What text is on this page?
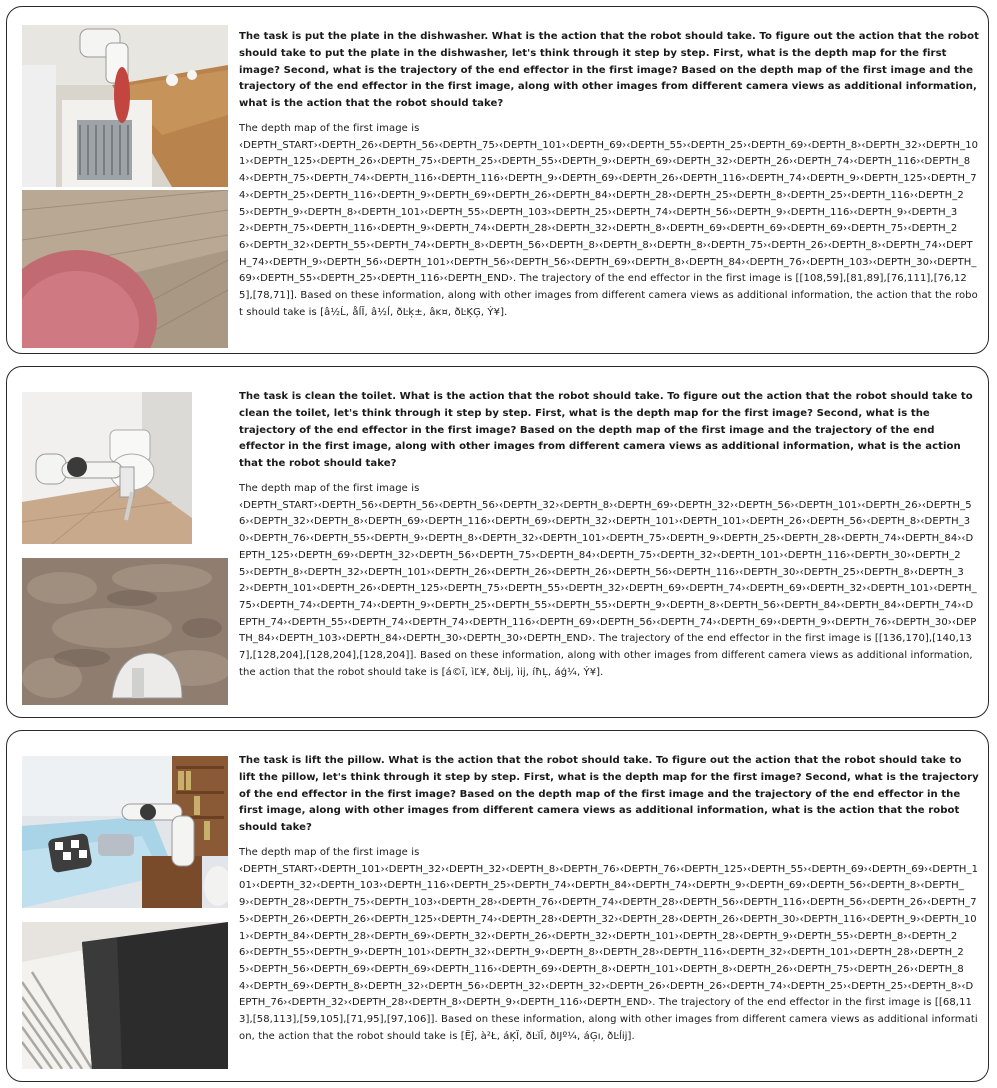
The task is put the plate in the dishwasher. What is the action that the robot should take. To figure out the action that the robot should take to put the plate in the dishwasher, let's think through it step by step. First, what is the depth map for the first image? Second, what is the trajectory of the end effector in the first image? Based on the depth map of the first image and the trajectory of the end effector in the first image, along with other images from different camera views as additional information, what is the action that the robot should take?

The depth map of the first image is
‹DEPTH_START›‹DEPTH_26›‹DEPTH_56›‹DEPTH_75›‹DEPTH_101›‹DEPTH_69›‹DEPTH_55›‹DEPTH_25›‹DEPTH_69›‹DEPTH_8›‹DEPTH_32›‹DEPTH_101›‹DEPTH_125›‹DEPTH_26›‹DEPTH_75›‹DEPTH_25›‹DEPTH_55›‹DEPTH_9›‹DEPTH_69›‹DEPTH_32›‹DEPTH_26›‹DEPTH_74›‹DEPTH_116›‹DEPTH_84›‹DEPTH_75›‹DEPTH_74›‹DEPTH_116›‹DEPTH_116›‹DEPTH_9›‹DEPTH_69›‹DEPTH_26›‹DEPTH_116›‹DEPTH_74›‹DEPTH_9›‹DEPTH_125›‹DEPTH_74›‹DEPTH_25›‹DEPTH_116›‹DEPTH_9›‹DEPTH_69›‹DEPTH_26›‹DEPTH_84›‹DEPTH_28›‹DEPTH_25›‹DEPTH_8›‹DEPTH_25›‹DEPTH_116›‹DEPTH_25›‹DEPTH_9›‹DEPTH_8›‹DEPTH_101›‹DEPTH_55›‹DEPTH_103›‹DEPTH_25›‹DEPTH_74›‹DEPTH_56›‹DEPTH_9›‹DEPTH_116›‹DEPTH_9›‹DEPTH_32›‹DEPTH_75›‹DEPTH_116›‹DEPTH_9›‹DEPTH_74›‹DEPTH_28›‹DEPTH_32›‹DEPTH_8›‹DEPTH_69›‹DEPTH_69›‹DEPTH_69›‹DEPTH_75›‹DEPTH_26›‹DEPTH_32›‹DEPTH_55›‹DEPTH_74›‹DEPTH_8›‹DEPTH_56›‹DEPTH_8›‹DEPTH_8›‹DEPTH_8›‹DEPTH_75›‹DEPTH_26›‹DEPTH_8›‹DEPTH_74›‹DEPTH_74›‹DEPTH_9›‹DEPTH_56›‹DEPTH_101›‹DEPTH_56›‹DEPTH_56›‹DEPTH_69›‹DEPTH_8›‹DEPTH_84›‹DEPTH_76›‹DEPTH_103›‹DEPTH_30›‹DEPTH_69›‹DEPTH_55›‹DEPTH_25›‹DEPTH_116›‹DEPTH_END›. The trajectory of the end effector in the first image is [[108,59],[81,89],[76,111],[76,125],[78,71]]. Based on these information, along with other images from different camera views as additional information, the action that the robot should take is [â½Ĺ, åĺĬ, â½ĺ, ðĿķ±, âĸ¤, ðĿĶĢ, Ý¥].

The task is clean the toilet. What is the action that the robot should take. To figure out the action that the robot should take to clean the toilet, let's think through it step by step. First, what is the depth map for the first image? Second, what is the trajectory of the end effector in the first image? Based on the depth map of the first image and the trajectory of the end effector in the first image, along with other images from different camera views as additional information, what is the action that the robot should take?

The depth map of the first image is
‹DEPTH_START›‹DEPTH_56›‹DEPTH_56›‹DEPTH_56›‹DEPTH_32›‹DEPTH_8›‹DEPTH_69›‹DEPTH_32›‹DEPTH_56›‹DEPTH_101›‹DEPTH_26›‹DEPTH_56›‹DEPTH_32›‹DEPTH_8›‹DEPTH_69›‹DEPTH_116›‹DEPTH_69›‹DEPTH_32›‹DEPTH_101›‹DEPTH_101›‹DEPTH_26›‹DEPTH_56›‹DEPTH_8›‹DEPTH_30›‹DEPTH_76›‹DEPTH_55›‹DEPTH_9›‹DEPTH_8›‹DEPTH_32›‹DEPTH_101›‹DEPTH_75›‹DEPTH_9›‹DEPTH_25›‹DEPTH_28›‹DEPTH_74›‹DEPTH_84›‹DEPTH_125›‹DEPTH_69›‹DEPTH_32›‹DEPTH_56›‹DEPTH_75›‹DEPTH_84›‹DEPTH_75›‹DEPTH_32›‹DEPTH_101›‹DEPTH_116›‹DEPTH_30›‹DEPTH_25›‹DEPTH_8›‹DEPTH_32›‹DEPTH_101›‹DEPTH_26›‹DEPTH_26›‹DEPTH_26›‹DEPTH_56›‹DEPTH_116›‹DEPTH_30›‹DEPTH_25›‹DEPTH_8›‹DEPTH_32›‹DEPTH_101›‹DEPTH_26›‹DEPTH_125›‹DEPTH_75›‹DEPTH_55›‹DEPTH_32›‹DEPTH_69›‹DEPTH_74›‹DEPTH_69›‹DEPTH_32›‹DEPTH_101›‹DEPTH_75›‹DEPTH_74›‹DEPTH_74›‹DEPTH_9›‹DEPTH_25›‹DEPTH_55›‹DEPTH_55›‹DEPTH_9›‹DEPTH_8›‹DEPTH_56›‹DEPTH_84›‹DEPTH_84›‹DEPTH_74›‹DEPTH_74›‹DEPTH_55›‹DEPTH_74›‹DEPTH_74›‹DEPTH_116›‹DEPTH_69›‹DEPTH_56›‹DEPTH_74›‹DEPTH_69›‹DEPTH_9›‹DEPTH_76›‹DEPTH_30›‹DEPTH_84›‹DEPTH_103›‹DEPTH_84›‹DEPTH_30›‹DEPTH_30›‹DEPTH_END›. The trajectory of the end effector in the first image is [[136,170],[140,137],[128,204],[128,204],[128,204]]. Based on these information, along with other images from different camera views as additional information, the action that the robot should take is [á©ī, ìĽ¥, ðĿij, ìij, íħĻ, áģ¼, Ý¥].

The task is lift the pillow. What is the action that the robot should take. To figure out the action that the robot should take to lift the pillow, let's think through it step by step. First, what is the depth map for the first image? Second, what is the trajectory of the end effector in the first image? Based on the depth map of the first image and the trajectory of the end effector in the first image, along with other images from different camera views as additional information, what is the action that the robot should take?

The depth map of the first image is
‹DEPTH_START›‹DEPTH_101›‹DEPTH_32›‹DEPTH_32›‹DEPTH_8›‹DEPTH_76›‹DEPTH_76›‹DEPTH_125›‹DEPTH_55›‹DEPTH_69›‹DEPTH_69›‹DEPTH_101›‹DEPTH_32›‹DEPTH_103›‹DEPTH_116›‹DEPTH_25›‹DEPTH_74›‹DEPTH_84›‹DEPTH_74›‹DEPTH_9›‹DEPTH_69›‹DEPTH_56›‹DEPTH_8›‹DEPTH_9›‹DEPTH_28›‹DEPTH_75›‹DEPTH_103›‹DEPTH_28›‹DEPTH_76›‹DEPTH_74›‹DEPTH_28›‹DEPTH_56›‹DEPTH_116›‹DEPTH_56›‹DEPTH_26›‹DEPTH_75›‹DEPTH_26›‹DEPTH_26›‹DEPTH_125›‹DEPTH_74›‹DEPTH_28›‹DEPTH_32›‹DEPTH_28›‹DEPTH_26›‹DEPTH_30›‹DEPTH_116›‹DEPTH_9›‹DEPTH_101›‹DEPTH_84›‹DEPTH_28›‹DEPTH_69›‹DEPTH_32›‹DEPTH_26›‹DEPTH_32›‹DEPTH_101›‹DEPTH_28›‹DEPTH_9›‹DEPTH_55›‹DEPTH_8›‹DEPTH_26›‹DEPTH_55›‹DEPTH_9›‹DEPTH_101›‹DEPTH_32›‹DEPTH_9›‹DEPTH_8›‹DEPTH_28›‹DEPTH_116›‹DEPTH_32›‹DEPTH_101›‹DEPTH_28›‹DEPTH_25›‹DEPTH_56›‹DEPTH_69›‹DEPTH_69›‹DEPTH_116›‹DEPTH_69›‹DEPTH_8›‹DEPTH_101›‹DEPTH_8›‹DEPTH_26›‹DEPTH_75›‹DEPTH_26›‹DEPTH_84›‹DEPTH_69›‹DEPTH_8›‹DEPTH_32›‹DEPTH_56›‹DEPTH_32›‹DEPTH_32›‹DEPTH_26›‹DEPTH_26›‹DEPTH_74›‹DEPTH_25›‹DEPTH_25›‹DEPTH_8›‹DEPTH_76›‹DEPTH_32›‹DEPTH_28›‹DEPTH_8›‹DEPTH_9›‹DEPTH_116›‹DEPTH_END›. The trajectory of the end effector in the first image is [[68,113],[58,113],[59,105],[71,95],[97,106]]. Based on these information, along with other images from different camera views as additional information, the action that the robot should take is [Ëĵ, à²Ł, áĶĬ, ðĿĭĪ, ðIJº¼, áĢı, ðĿĺĳ].
